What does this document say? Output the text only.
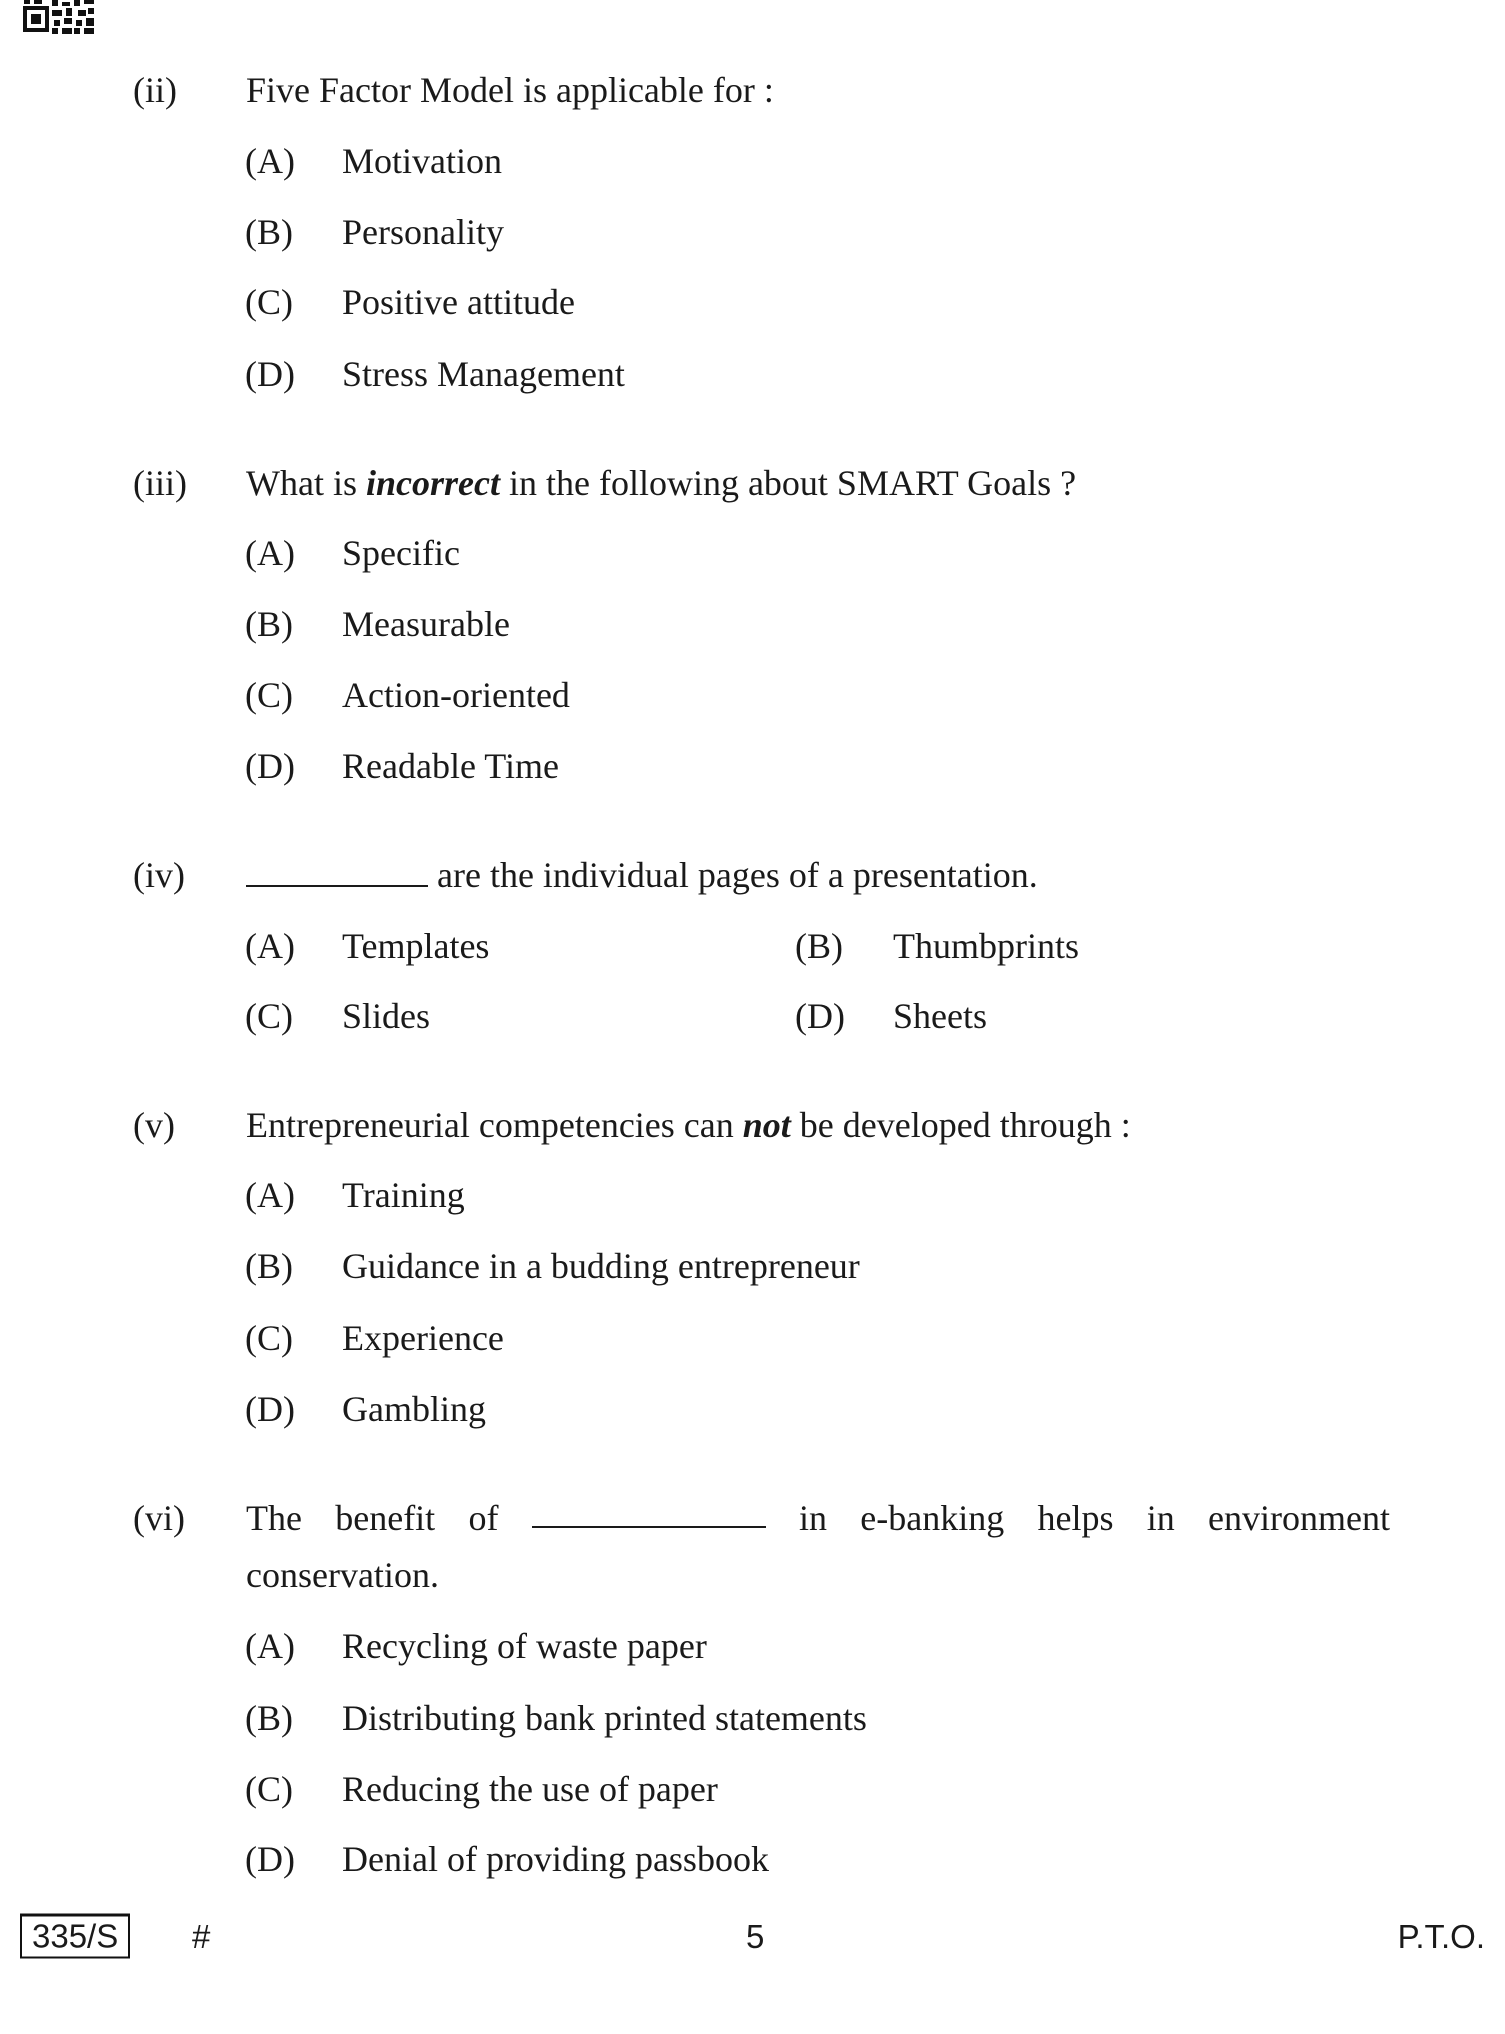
(ii) Five Factor Model is applicable for :
(A) Motivation
(B) Personality
(C) Positive attitude
(D) Stress Management
(iii) What is incorrect in the following about SMART Goals ?
(A) Specific
(B) Measurable
(C) Action-oriented
(D) Readable Time
(iv)	are the individual pages of a presentation.
(A) Templates	(B) Thumbprints
(C) Slides	(D) Sheets
(v) Entrepreneurial competencies can not be developed through :
(A) Training
(B) Guidance in a budding entrepreneur
(C) Experience
(D) Gambling
(vi) The benefit of	in e-banking helps in environment
conservation.
(A) Recycling of waste paper
(B) Distributing bank printed statements
(C) Reducing the use of paper
(D) Denial of providing passbook
335/S	#	5	P.T.O.
